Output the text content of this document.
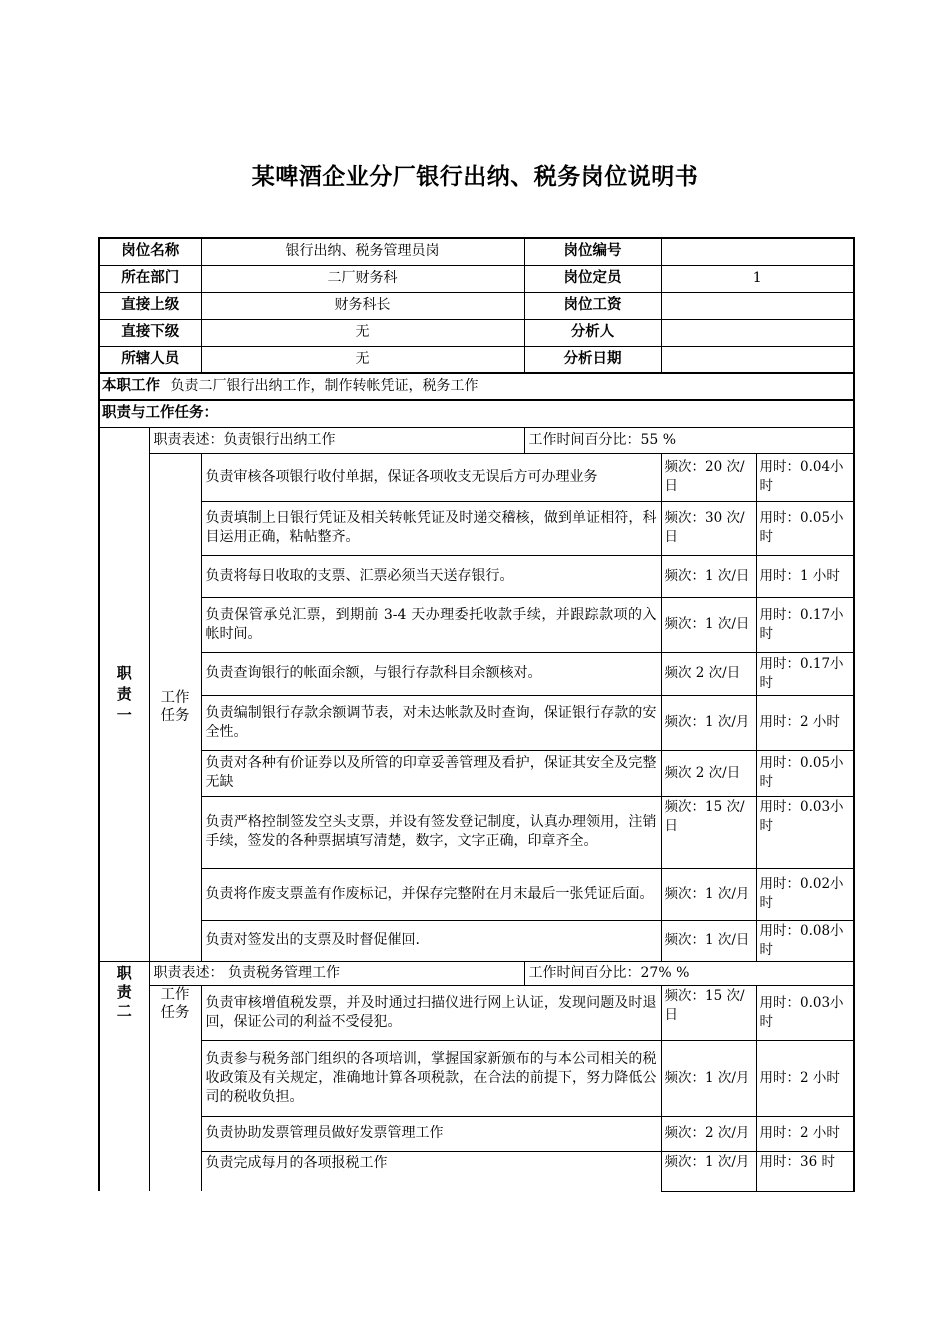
某啤酒企业分厂银行出纳、税务岗位说明书
岗位名称		银行出纳、税务管理员岗	岗位编号		
所在部门		二厂财务科	岗位定员	1	
直接上级		财务科长	岗位工资		
直接下级		无	分析人		
所辖人员		无	分析日期		
本职工作 负责二厂银行出纳工作，制作转帐凭证，税务工作					
职责与工作任务：					
职责一	职责表述：负责银行出纳工作		工作时间百分比：55 %		
	工作任务	负责审核各项银行收付单据，保证各项收支无误后方可办理业务		频次：20 次/日	用时：0.04小时
		负责填制上日银行凭证及相关转帐凭证及时递交稽核，做到单证相符，科目运用正确，粘帖整齐。		频次：30 次/日	用时：0.05小时
		负责将每日收取的支票、汇票必须当天送存银行。		频次：1 次/日	用时：1 小时
		负责保管承兑汇票，到期前 3-4 天办理委托收款手续，并跟踪款项的入帐时间。		频次：1 次/日	用时：0.17小时
		负责查询银行的帐面余额，与银行存款科目余额核对。		频次 2 次/日	用时：0.17小时
		负责编制银行存款余额调节表，对未达帐款及时查询，保证银行存款的安全性。		频次：1 次/月	用时：2 小时
		负责对各种有价证券以及所管的印章妥善管理及看护，保证其安全及完整无缺		频次 2 次/日	用时：0.05小时
		负责严格控制签发空头支票，并设有签发登记制度，认真办理领用，注销手续，签发的各种票据填写清楚，数字，文字正确，印章齐全。		频次：15 次/日	用时：0.03小时
		负责将作废支票盖有作废标记，并保存完整附在月末最后一张凭证后面。		频次：1 次/月	用时：0.02小时
		负责对签发出的支票及时督促催回.		频次：1 次/日	用时：0.08小时
职责二	职责表述： 负责税务管理工作		工作时间百分比：27% %		
	工作任务	负责审核增值税发票，并及时通过扫描仪进行网上认证，发现问题及时退回，保证公司的利益不受侵犯。		频次：15 次/日	用时：0.03小时
		负责参与税务部门组织的各项培训，掌握国家新颁布的与本公司相关的税收政策及有关规定，准确地计算各项税款，在合法的前提下，努力降低公司的税收负担。		频次：1 次/月	用时：2 小时
		负责协助发票管理员做好发票管理工作		频次：2 次/月	用时：2 小时
		负责完成每月的各项报税工作		频次：1 次/月	用时：36 时
